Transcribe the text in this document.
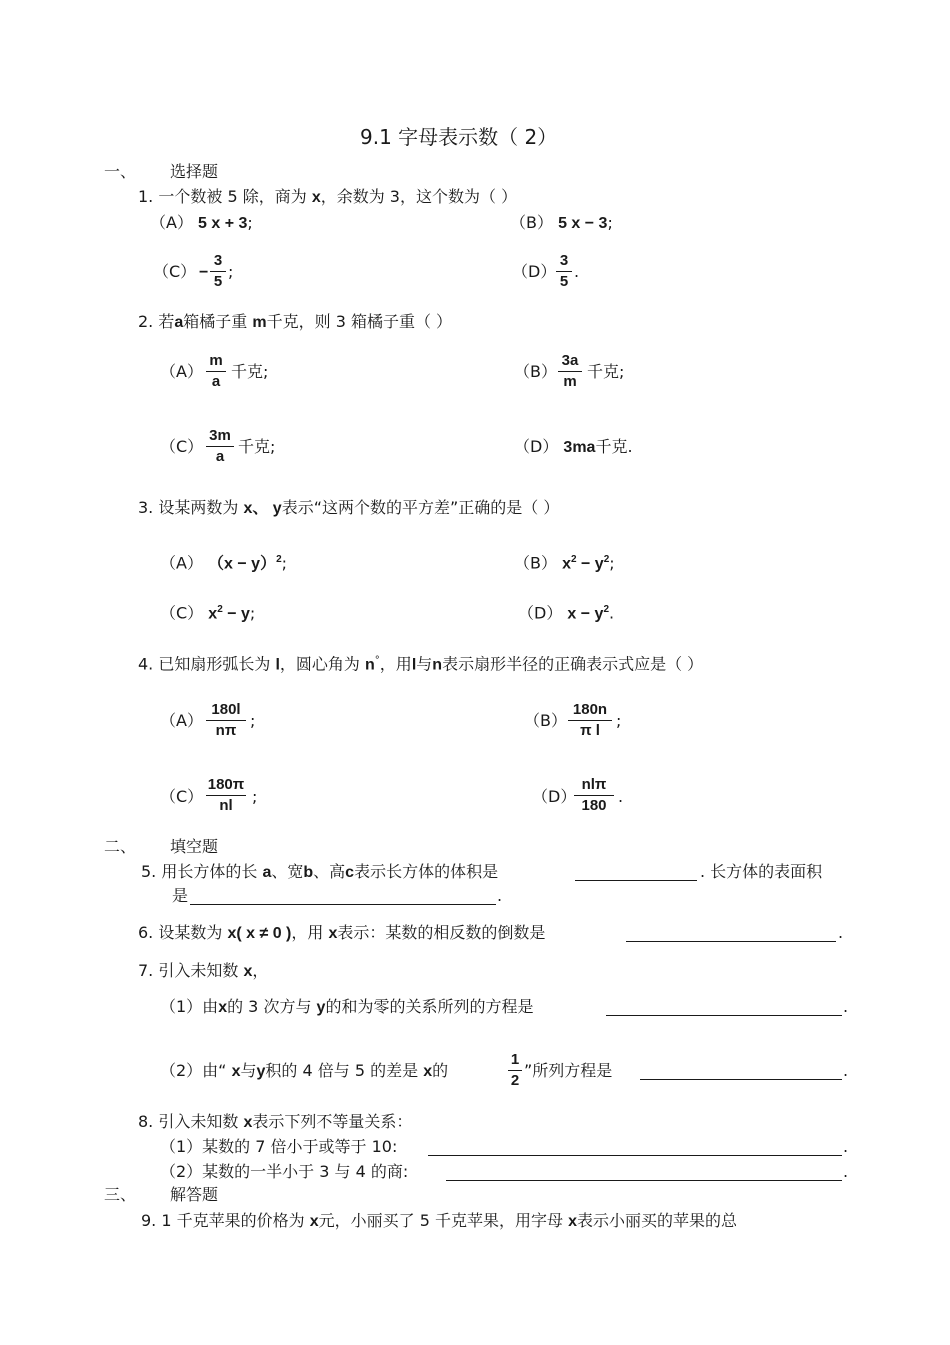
9.1 字母表示数（ 2）
一、 选择题
1. 一个数被 5 除，商为 x，余数为 3，这个数为（ ）
（A） 5 x + 3;	（B） 5 x − 3;
（C） −
3
5
;	（D）
3
5
.
2. 若a箱橘子重 m千克，则 3 箱橘子重（ ）
（A）
m
a
千克;	（B）
3a
m
千克;
（C）
3m
a
千克;	（D） 3ma千克.
3. 设某两数为 x、 y表示“这两个数的平方差”正确的是（ ）
（A） $(x - y)^2$;	（B） $x^2 - y^2$;
（C） $x^2 - y$;	（D） $x - y^2$.
4. 已知扇形弧长为 l，圆心角为 n°，用l与n表示扇形半径的正确表示式应是（ ）
（A）
180l
nπ
;	（B）
180n
π l
;
（C）
180π
nl	;	（D）
nlπ
180 .
二、 填空题
5. 用长方体的长 a、宽b、高c表示长方体的体积是	. 长方体的表面积
是	.
6. 设某数为 x( x ≠ 0 )，用 x表示：某数的相反数的倒数是	.
7. 引入未知数 x，
（1）由x的 3 次方与 y的和为零的关系所列的方程是	.
（2）由“ x与y积的 4 倍与 5 的差是 x的
1
2
”所列方程是	.
8. 引入未知数 x表示下列不等量关系：
（1）某数的 7 倍小于或等于 10:	.
（2）某数的一半小于 3 与 4 的商:	.
三、 解答题
9. 1 千克苹果的价格为 x元，小丽买了 5 千克苹果，用字母 x表示小丽买的苹果的总
